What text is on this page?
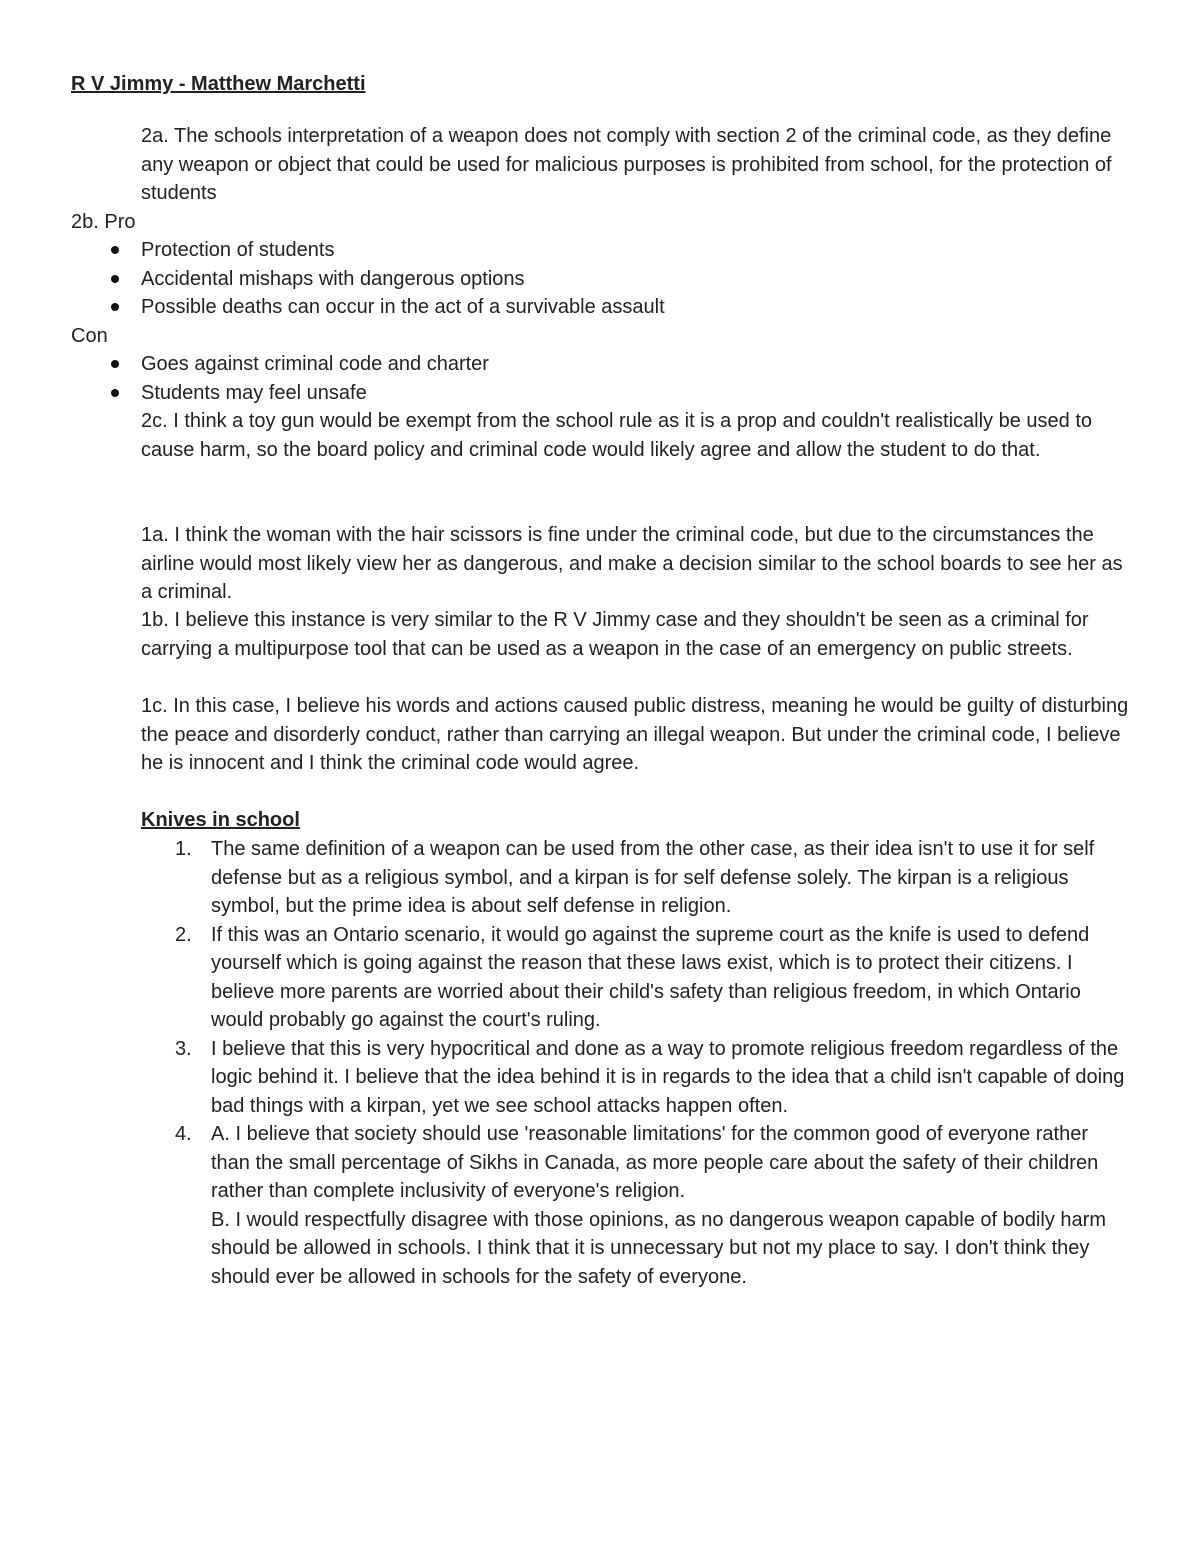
R V Jimmy - Matthew Marchetti

2a. The schools interpretation of a weapon does not comply with section 2 of the criminal code, as they define any weapon or object that could be used for malicious purposes is prohibited from school, for the protection of students

2b. Pro
Protection of students
Accidental mishaps with dangerous options
Possible deaths can occur in the act of a survivable assault
Con
Goes against criminal code and charter
Students may feel unsafe

2c. I think a toy gun would be exempt from the school rule as it is a prop and couldn't realistically be used to cause harm, so the board policy and criminal code would likely agree and allow the student to do that.

1a. I think the woman with the hair scissors is fine under the criminal code, but due to the circumstances the airline would most likely view her as dangerous, and make a decision similar to the school boards to see her as a criminal.

1b. I believe this instance is very similar to the R V Jimmy case and they shouldn't be seen as a criminal for carrying a multipurpose tool that can be used as a weapon in the case of an emergency on public streets.

1c. In this case, I believe his words and actions caused public distress, meaning he would be guilty of disturbing the peace and disorderly conduct, rather than carrying an illegal weapon. But under the criminal code, I believe he is innocent and I think the criminal code would agree.

Knives in school
1. The same definition of a weapon can be used from the other case, as their idea isn't to use it for self defense but as a religious symbol, and a kirpan is for self defense solely. The kirpan is a religious symbol, but the prime idea is about self defense in religion.

2. If this was an Ontario scenario, it would go against the supreme court as the knife is used to defend yourself which is going against the reason that these laws exist, which is to protect their citizens. I believe more parents are worried about their child's safety than religious freedom, in which Ontario would probably go against the court's ruling.

3. I believe that this is very hypocritical and done as a way to promote religious freedom regardless of the logic behind it. I believe that the idea behind it is in regards to the idea that a child isn't capable of doing bad things with a kirpan, yet we see school attacks happen often.

4. A. I believe that society should use 'reasonable limitations' for the common good of everyone rather than the small percentage of Sikhs in Canada, as more people care about the safety of their children rather than complete inclusivity of everyone's religion.

B. I would respectfully disagree with those opinions, as no dangerous weapon capable of bodily harm should be allowed in schools. I think that it is unnecessary but not my place to say. I don't think they should ever be allowed in schools for the safety of everyone.
